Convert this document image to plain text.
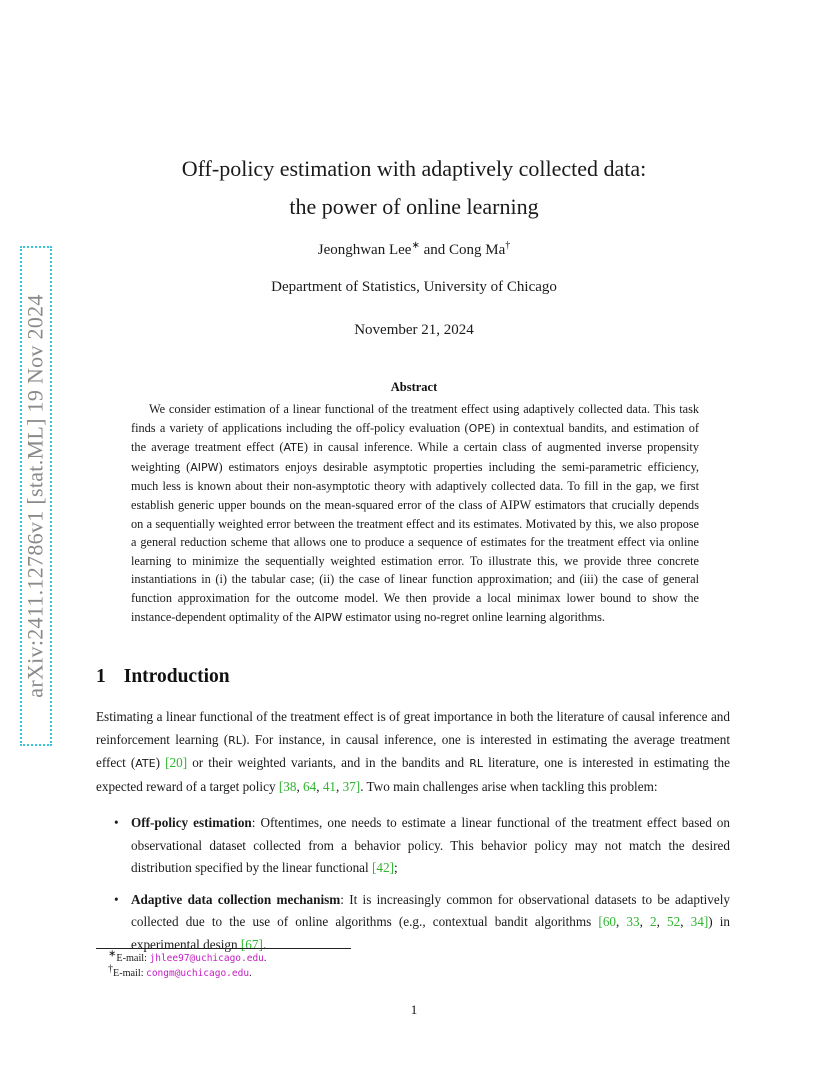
arXiv:2411.12786v1 [stat.ML] 19 Nov 2024
Off-policy estimation with adaptively collected data:
the power of online learning
Jeonghwan Lee∗ and Cong Ma†
Department of Statistics, University of Chicago
November 21, 2024
Abstract

We consider estimation of a linear functional of the treatment effect using adaptively collected data. This task finds a variety of applications including the off-policy evaluation (OPE) in contextual bandits, and estimation of the average treatment effect (ATE) in causal inference. While a certain class of augmented inverse propensity weighting (AIPW) estimators enjoys desirable asymptotic properties including the semi-parametric efficiency, much less is known about their non-asymptotic theory with adaptively collected data. To fill in the gap, we first establish generic upper bounds on the mean-squared error of the class of AIPW estimators that crucially depends on a sequentially weighted error between the treatment effect and its estimates. Motivated by this, we also propose a general reduction scheme that allows one to produce a sequence of estimates for the treatment effect via online learning to minimize the sequentially weighted estimation error. To illustrate this, we provide three concrete instantiations in (i) the tabular case; (ii) the case of linear function approximation; and (iii) the case of general function approximation for the outcome model. We then provide a local minimax lower bound to show the instance-dependent optimality of the AIPW estimator using no-regret online learning algorithms.

1 Introduction

Estimating a linear functional of the treatment effect is of great importance in both the literature of causal inference and reinforcement learning (RL). For instance, in causal inference, one is interested in estimating the average treatment effect (ATE) [20] or their weighted variants, and in the bandits and RL literature, one is interested in estimating the expected reward of a target policy [38, 64, 41, 37]. Two main challenges arise when tackling this problem:

• Off-policy estimation: Oftentimes, one needs to estimate a linear functional of the treatment effect based on observational dataset collected from a behavior policy. This behavior policy may not match the desired distribution specified by the linear functional [42];
• Adaptive data collection mechanism: It is increasingly common for observational datasets to be adaptively collected due to the use of online algorithms (e.g., contextual bandit algorithms [60, 33, 2, 52, 34]) in experimental design [67].
∗E-mail: jhlee97@uchicago.edu.
†E-mail: congm@uchicago.edu.
1
